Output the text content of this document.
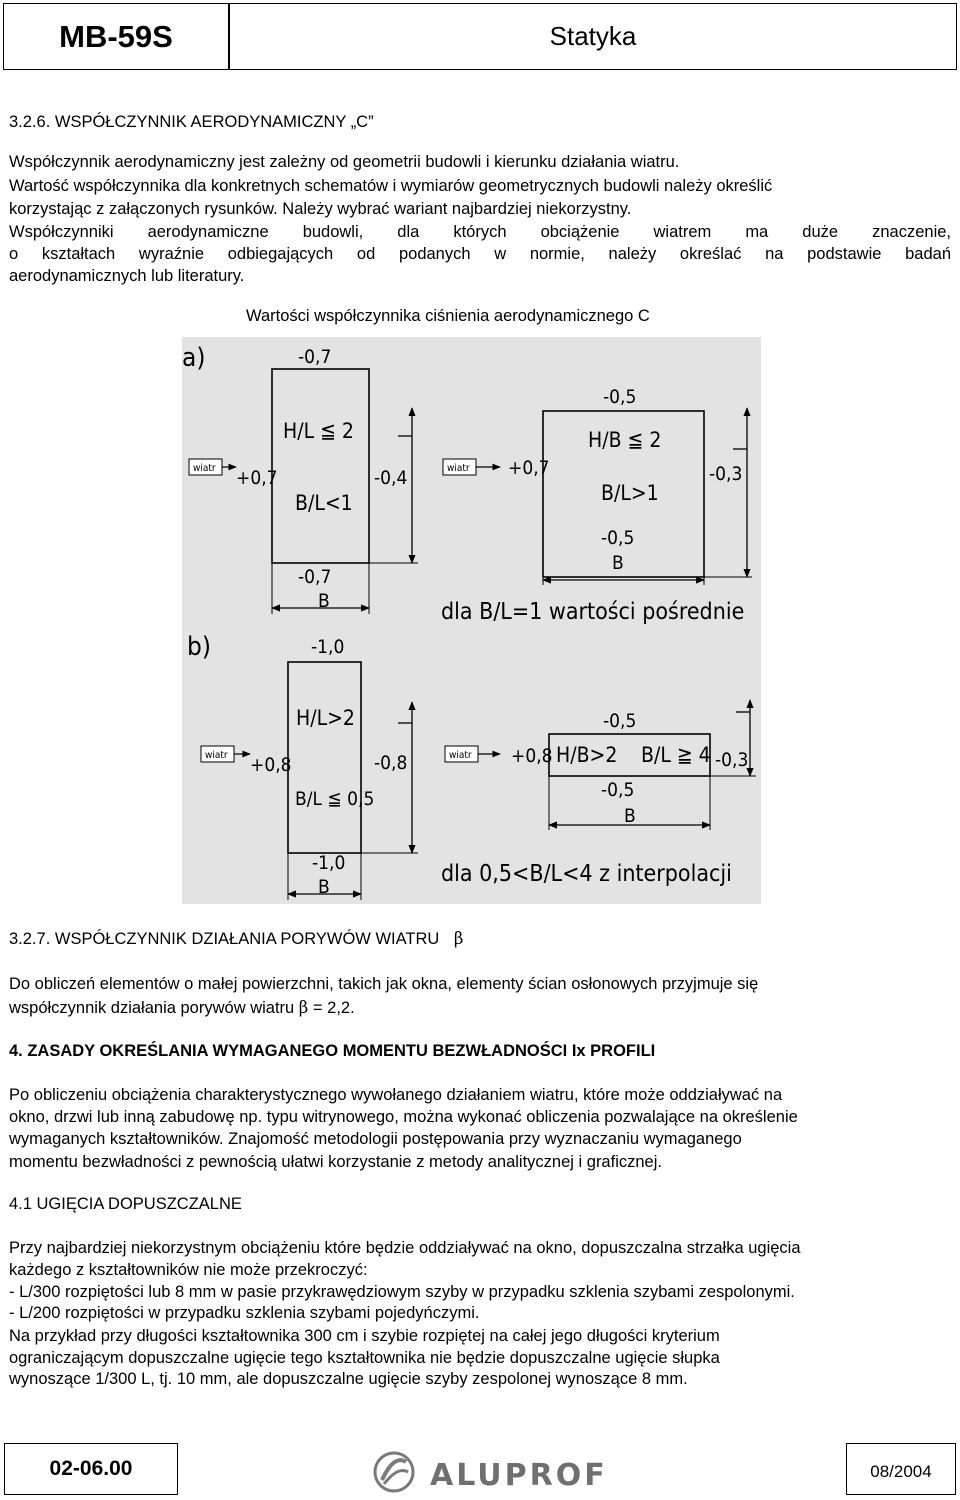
MB-59S	Statyka
3.2.6. WSPÓŁCZYNNIK AERODYNAMICZNY „C”
Współczynnik aerodynamiczny jest zależny od geometrii budowli i kierunku działania wiatru.
Wartość współczynnika dla konkretnych schematów i wymiarów geometrycznych budowli należy określić
korzystając z załączonych rysunków. Należy wybrać wariant najbardziej niekorzystny.
Współczynniki aerodynamiczne budowli, dla których obciążenie wiatrem ma duże znaczenie,
o kształtach wyraźnie odbiegających od podanych w normie, należy określać na podstawie badań
aerodynamicznych lub literatury.
Wartości współczynnika ciśnienia aerodynamicznego C
a)	-0,7
H/L ≦ 2
B/L<1
+0,7	-0,4
-0,7
B
wiatr
-0,5
H/B ≦ 2
B/L>1
+0,7	-0,3
-0,5
B
wiatr
dla B/L=1 wartości pośrednie
b)	-1,0
H/L>2
B/L ≦ 0,5
+0,8	-0,8
-1,0
B
wiatr
-0,5
H/B>2 B/L ≧ 4
+0,8	-0,3
-0,5
B
wiatr
dla 0,5<B/L<4 z interpolacji
3.2.7. WSPÓŁCZYNNIK DZIAŁANIA PORYWÓW WIATRU β
Do obliczeń elementów o małej powierzchni, takich jak okna, elementy ścian osłonowych przyjmuje się
współczynnik działania porywów wiatru β = 2,2.
4. ZASADY OKREŚLANIA WYMAGANEGO MOMENTU BEZWŁADNOŚCI Ix PROFILI
Po obliczeniu obciążenia charakterystycznego wywołanego działaniem wiatru, które może oddziaływać na
okno, drzwi lub inną zabudowę np. typu witrynowego, można wykonać obliczenia pozwalające na określenie
wymaganych kształtowników. Znajomość metodologii postępowania przy wyznaczaniu wymaganego
momentu bezwładności z pewnością ułatwi korzystanie z metody analitycznej i graficznej.
4.1 UGIĘCIA DOPUSZCZALNE
Przy najbardziej niekorzystnym obciążeniu które będzie oddziaływać na okno, dopuszczalna strzałka ugięcia
każdego z kształtowników nie może przekroczyć:
- L/300 rozpiętości lub 8 mm w pasie przykrawędziowym szyby w przypadku szklenia szybami zespolonymi.
- L/200 rozpiętości w przypadku szklenia szybami pojedyńczymi.
Na przykład przy długości kształtownika 300 cm i szybie rozpiętej na całej jego długości kryterium
ograniczającym dopuszczalne ugięcie tego kształtownika nie będzie dopuszczalne ugięcie słupka
wynoszące 1/300 L, tj. 10 mm, ale dopuszczalne ugięcie szyby zespolonej wynoszące 8 mm.
02-06.00	08/2004
ALUPROF
